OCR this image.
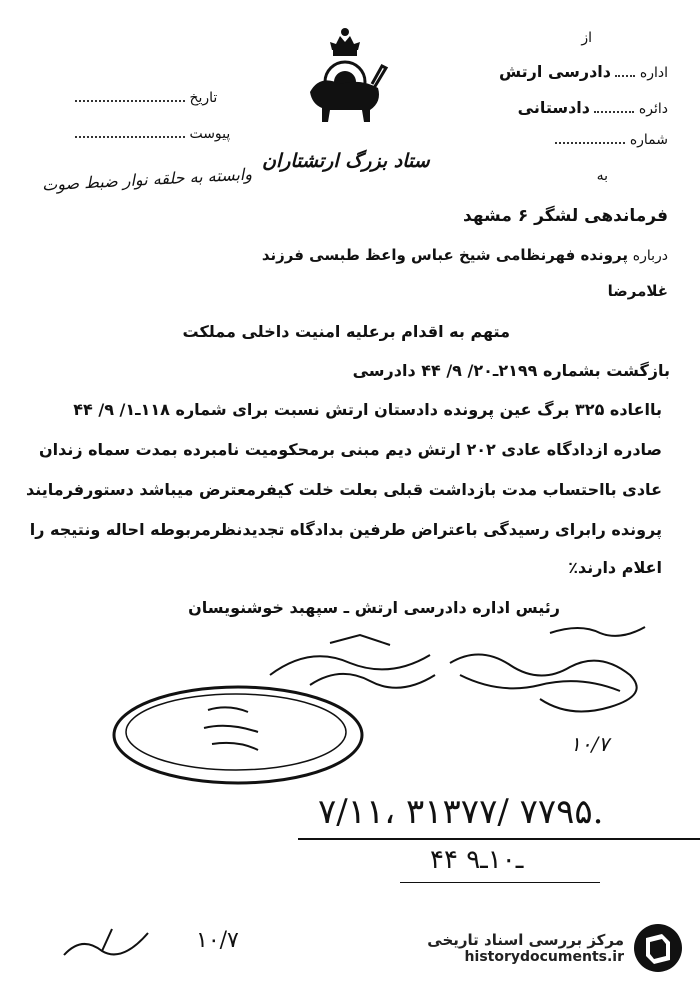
از
اداره  دادرسی ارتش
دائره  دادستانی
شماره
تاریخ
پیوست
ستاد بزرگ ارتشتاران
وابسته به حلقه نوار ضبط صوت	به
فرماندهی لشگر ۶ مشهد
درباره پرونده فهرنظامی شیخ عباس واعظ طبسی فرزند
غلامرضا
متهم به اقدام برعلیه امنیت داخلی مملکت
بازگشت بشماره ۲۱۹۹ـ۲۰/ ۹/ ۴۴ دادرسی
بااعاده ۳۲۵ برگ عین پرونده دادستان ارتش نسبت برای شماره ۱۱۸ـ۱/ ۹/ ۴۴
صادره ازدادگاه عادی ۲۰۲ ارتش دیم مبنی برمحکومیت نامبرده بمدت سماه زندان
عادی بااحتساب مدت بازداشت قبلی بعلت خلت کیفرمعترض میباشد دستورفرمایند
پرونده رابرای رسیدگی باعتراض طرفین بدادگاه تجدیدنظرمربوطه احاله ونتیجه را
اعلام دارند٪
رئیس اداره دادرسی ارتش ـ سپهبد خوشنویسان
۱۰/۷
۷/۱۱، ۳۱۳۷۷/ ۷۷۹۵.
۴۴ ـ۱۰ـ۹
۱۰/۷	مرکز بررسی اسناد تاریخی
historydocuments.ir
